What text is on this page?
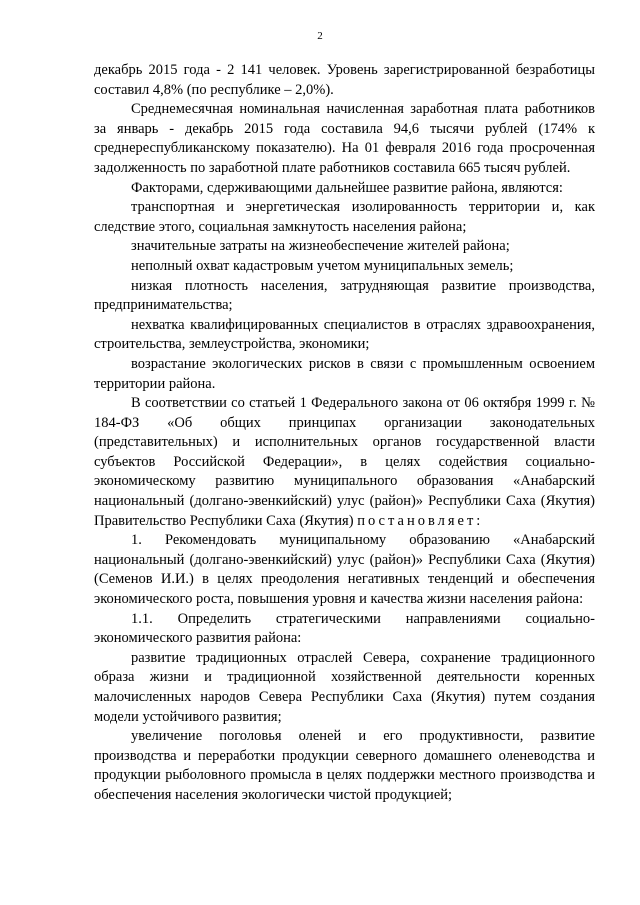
2

декабрь 2015 года - 2 141 человек. Уровень зарегистрированной безработицы составил 4,8% (по республике – 2,0%).

Среднемесячная номинальная начисленная заработная плата работников за январь - декабрь 2015 года составила 94,6 тысячи рублей (174% к среднереспубликанскому показателю). На 01 февраля 2016 года просроченная задолженность по заработной плате работников составила 665 тысяч рублей.

Факторами, сдерживающими дальнейшее развитие района, являются:

транспортная и энергетическая изолированность территории и, как следствие этого, социальная замкнутость населения района;

значительные затраты на жизнеобеспечение жителей района;

неполный охват кадастровым учетом муниципальных земель;

низкая плотность населения, затрудняющая развитие производства, предпринимательства;

нехватка квалифицированных специалистов в отраслях здравоохранения, строительства, землеустройства, экономики;

возрастание экологических рисков в связи с промышленным освоением территории района.

В соответствии со статьей 1 Федерального закона от 06 октября 1999 г. № 184-ФЗ «Об общих принципах организации законодательных (представительных) и исполнительных органов государственной власти субъектов Российской Федерации», в целях содействия социально-экономическому развитию муниципального образования «Анабарский национальный (долгано-эвенкийский) улус (район)» Республики Саха (Якутия) Правительство Республики Саха (Якутия) постановляет:

1. Рекомендовать муниципальному образованию «Анабарский национальный (долгано-эвенкийский) улус (район)» Республики Саха (Якутия) (Семенов И.И.) в целях преодоления негативных тенденций и обеспечения экономического роста, повышения уровня и качества жизни населения района:

1.1. Определить стратегическими направлениями социально-экономического развития района:

развитие традиционных отраслей Севера, сохранение традиционного образа жизни и традиционной хозяйственной деятельности коренных малочисленных народов Севера Республики Саха (Якутия) путем создания модели устойчивого развития;

увеличение поголовья оленей и его продуктивности, развитие производства и переработки продукции северного домашнего оленеводства и продукции рыболовного промысла в целях поддержки местного производства и обеспечения населения экологически чистой продукцией;
